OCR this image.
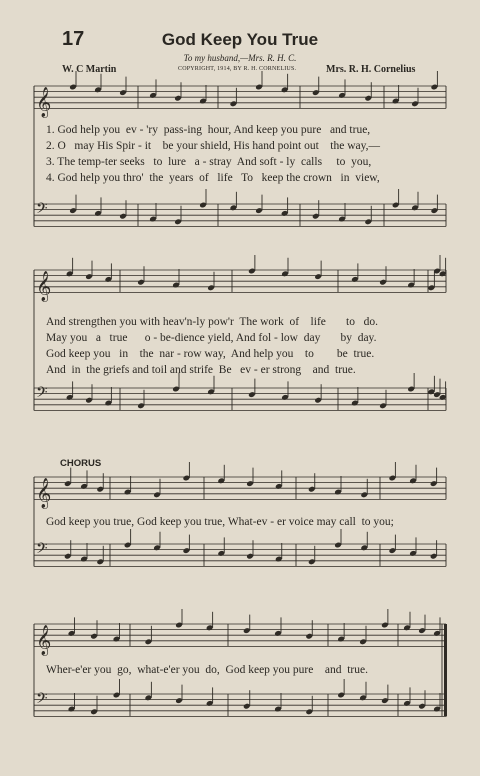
𝄞
𝄢
𝄞
𝄢
𝄞
𝄢
𝄞
𝄢
17	God Keep You True
To my husband,—Mrs. R. H. C.
W. C Martin	COPYRIGHT, 1914, BY R. H. CORNELIUS.	Mrs. R. H. Cornelius
1. God help you  ev - 'ry  pass-ing  hour, And keep you pure   and true,
2. O   may His Spir - it    be your shield, His hand point out    the way,—
3. The temp-ter seeks   to  lure   a - stray  And soft - ly  calls     to  you,
4. God help you thro'  the  years  of   life   To   keep the crown   in  view,
And strengthen you with heav'n-ly pow'r  The work  of    life       to   do.
May you   a   true      o - be-dience yield, And fol - low  day       by  day.
God keep you   in    the  nar - row way,  And help you    to        be  true.
And  in  the griefs and toil and strife  Be   ev - er strong    and  true.
CHORUS
God keep you true, God keep you true, What-ev - er voice may call  to you;
Wher-e'er you  go,  what-e'er you  do,  God keep you pure    and  true.
